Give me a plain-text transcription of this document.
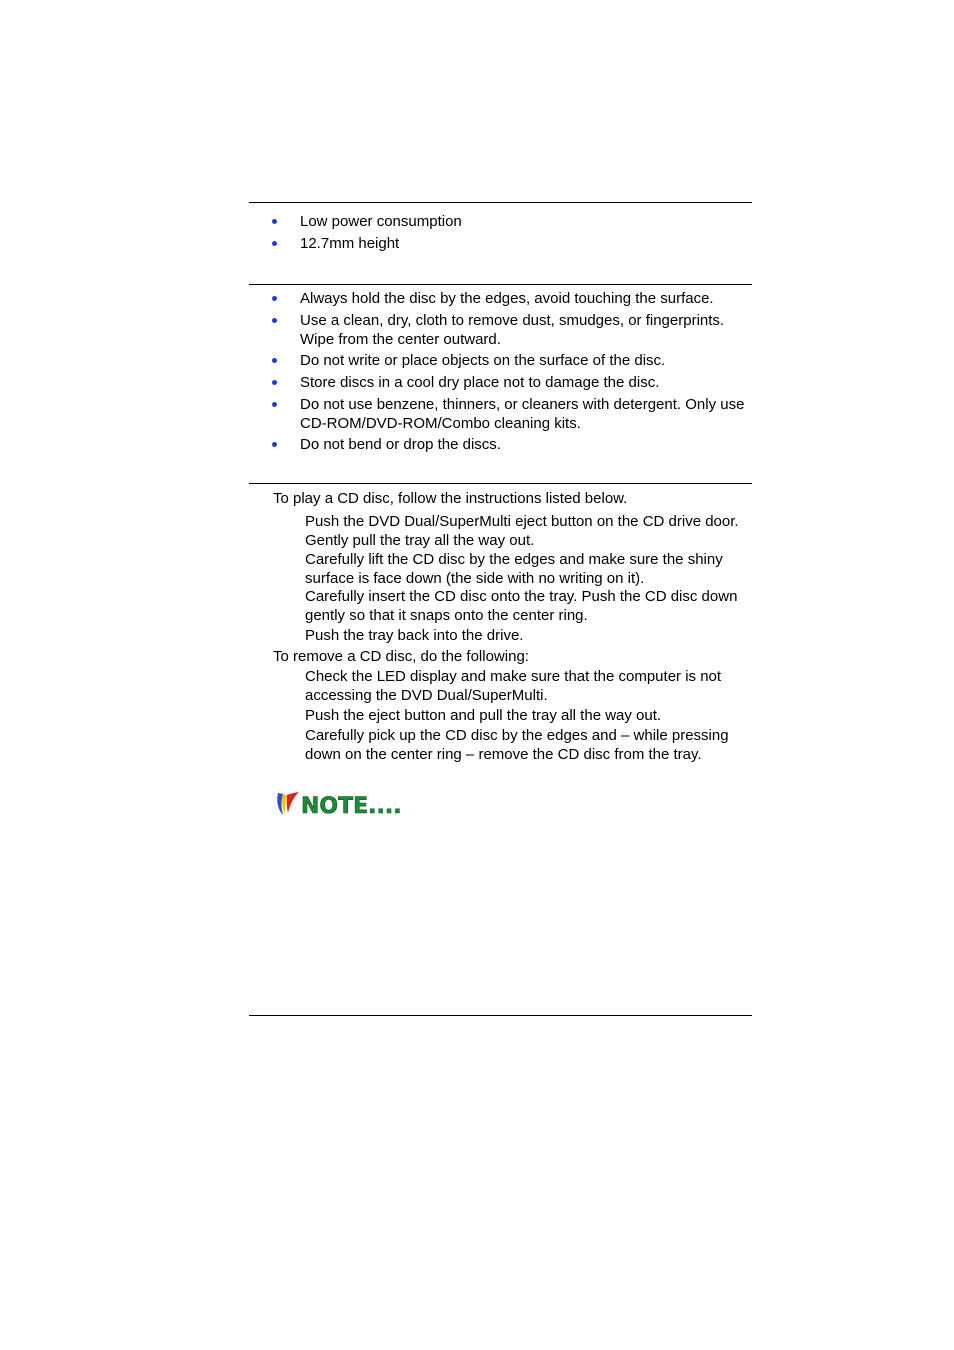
Low power consumption
12.7mm height
Always hold the disc by the edges, avoid touching the surface.
Use a clean, dry, cloth to remove dust, smudges, or fingerprints. Wipe from the center outward.
Do not write or place objects on the surface of the disc.
Store discs in a cool dry place not to damage the disc.
Do not use benzene, thinners, or cleaners with detergent. Only use CD-ROM/DVD-ROM/Combo cleaning kits.
Do not bend or drop the discs.
To play a CD disc, follow the instructions listed below.
Push the DVD Dual/SuperMulti eject button on the CD drive door. Gently pull the tray all the way out.
Carefully lift the CD disc by the edges and make sure the shiny surface is face down (the side with no writing on it).
Carefully insert the CD disc onto the tray. Push the CD disc down gently so that it snaps onto the center ring.
Push the tray back into the drive.
To remove a CD disc, do the following:
Check the LED display and make sure that the computer is not accessing the DVD Dual/SuperMulti.
Push the eject button and pull the tray all the way out.
Carefully pick up the CD disc by the edges and – while pressing down on the center ring – remove the CD disc from the tray.
NOTE....
